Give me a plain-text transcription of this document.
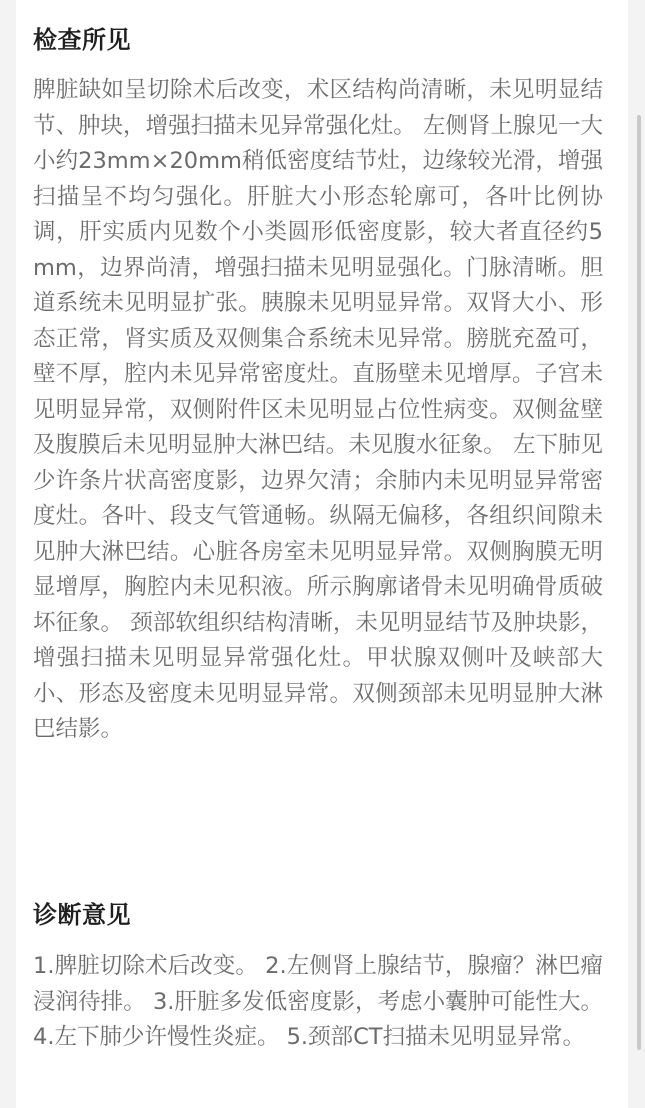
检查所见
脾脏缺如呈切除术后改变，术区结构尚清晰，未见明显结节、肿块，增强扫描未见异常强化灶。 左侧肾上腺见一大小约23mm×20mm稍低密度结节灶，边缘较光滑，增强扫描呈不均匀强化。肝脏大小形态轮廓可，各叶比例协调，肝实质内见数个小类圆形低密度影，较大者直径约5mm，边界尚清，增强扫描未见明显强化。门脉清晰。胆道系统未见明显扩张。胰腺未见明显异常。双肾大小、形态正常，肾实质及双侧集合系统未见异常。膀胱充盈可，壁不厚，腔内未见异常密度灶。直肠壁未见增厚。子宫未见明显异常，双侧附件区未见明显占位性病变。双侧盆壁及腹膜后未见明显肿大淋巴结。未见腹水征象。 左下肺见少许条片状高密度影，边界欠清；余肺内未见明显异常密度灶。各叶、段支气管通畅。纵隔无偏移，各组织间隙未见肿大淋巴结。心脏各房室未见明显异常。双侧胸膜无明显增厚，胸腔内未见积液。所示胸廓诸骨未见明确骨质破坏征象。 颈部软组织结构清晰，未见明显结节及肿块影，增强扫描未见明显异常强化灶。甲状腺双侧叶及峡部大小、形态及密度未见明显异常。双侧颈部未见明显肿大淋巴结影。
诊断意见
1.脾脏切除术后改变。 2.左侧肾上腺结节，腺瘤？淋巴瘤浸润待排。 3.肝脏多发低密度影，考虑小囊肿可能性大。 4.左下肺少许慢性炎症。 5.颈部CT扫描未见明显异常。
